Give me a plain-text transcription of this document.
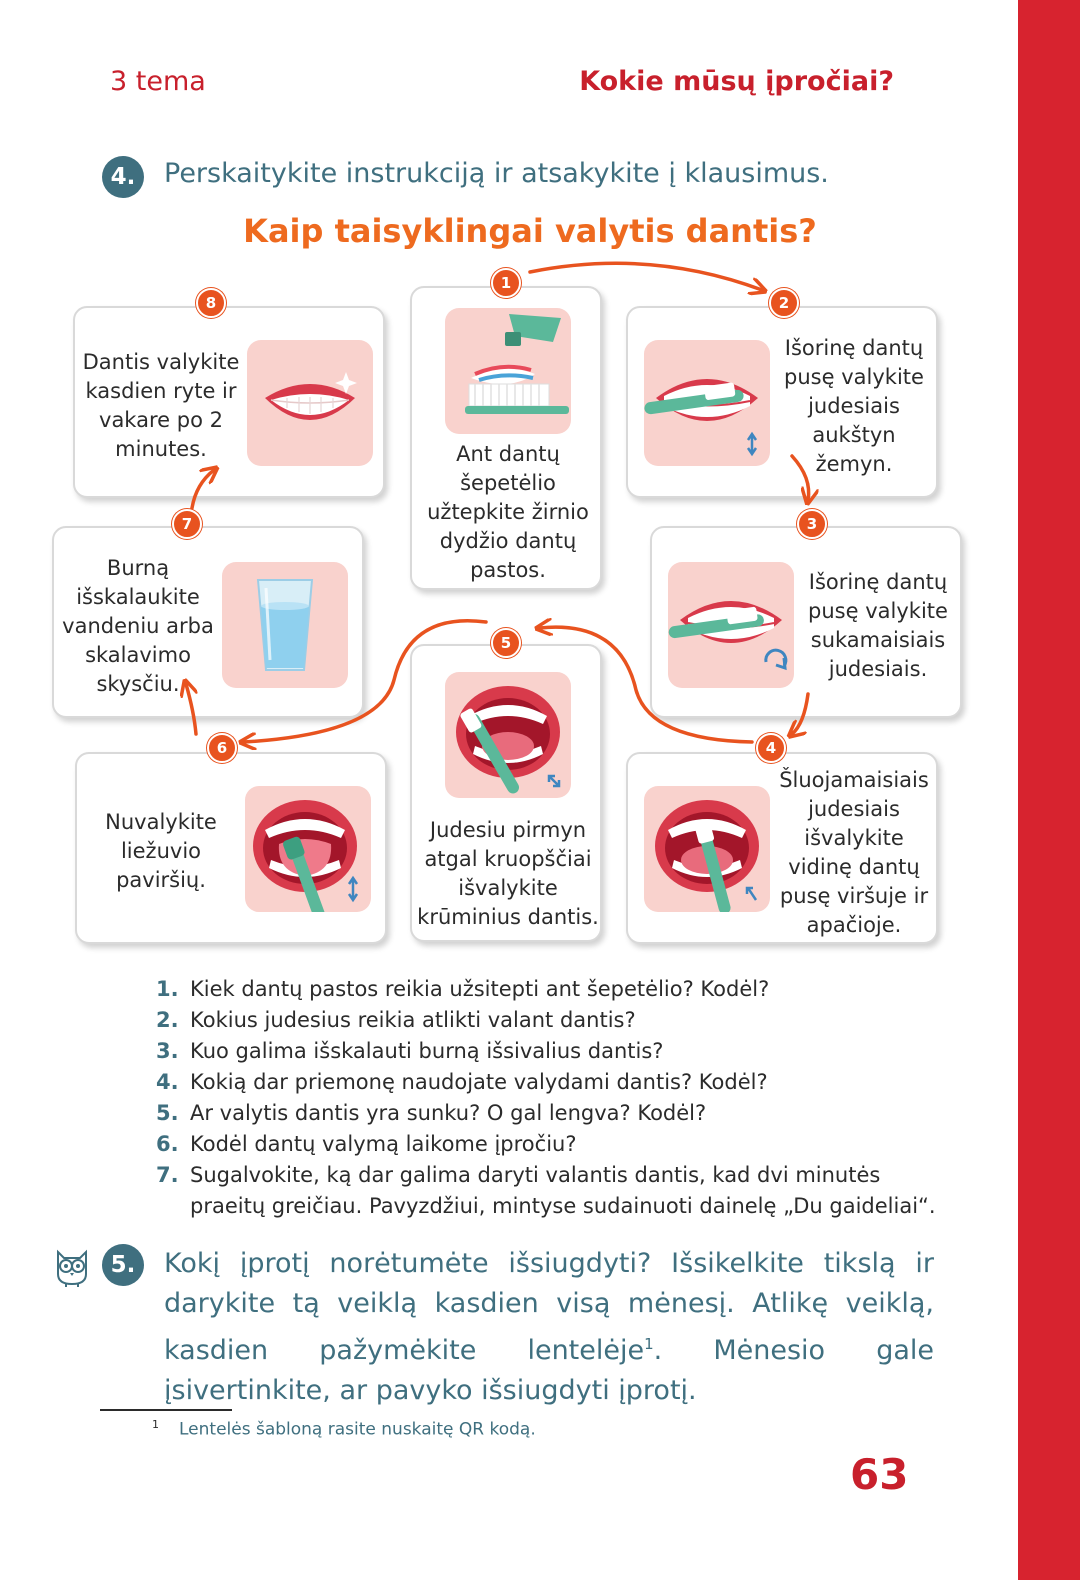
3 tema	Kokie mūsų įpročiai?
4.	Perskaitykite instrukciją ir atsakykite į klausimus.
Kaip taisyklingai valytis dantis?
Dantis valykite kasdien ryte ir vakare po 2 minutes.	Ant dantų šepetėlio užtepkite žirnio dydžio dantų pastos.
Išorinę dantų pusę valykite judesiais aukštyn žemyn.
Burną išskalaukite vandeniu arba skalavimo skysčiu.
Išorinę dantų pusę valykite sukamaisiais judesiais.
Judesiu pirmyn atgal kruopščiai išvalykite krūminius dantis.
Nuvalykite liežuvio paviršių.
Šluojamaisiais judesiais išvalykite vidinę dantų pusę viršuje ir apačioje.
1
2
3
4
5
6
7
8
1. Kiek dantų pastos reikia užsitepti ant šepetėlio? Kodėl?
2. Kokius judesius reikia atlikti valant dantis?
3. Kuo galima išskalauti burną išsivalius dantis?
4. Kokią dar priemonę naudojate valydami dantis? Kodėl?
5. Ar valytis dantis yra sunku? O gal lengva? Kodėl?
6. Kodėl dantų valymą laikome įpročiu?
7. Sugalvokite, ką dar galima daryti valantis dantis, kad dvi minutės praeitų greičiau. Pavyzdžiui, mintyse sudainuoti dainelę „Du gaideliai“.
5.	Kokį įprotį norėtumėte išsiugdyti? Išsikelkite tikslą ir darykite tą veiklą kasdien visą mėnesį. Atlikę veiklą, kasdien pažymėkite lentelėje$^1$. Mėnesio gale įsivertinkite, ar pavyko išsiugdyti įprotį.
$^1$ Lentelės šabloną rasite nuskaitę QR kodą.
63
